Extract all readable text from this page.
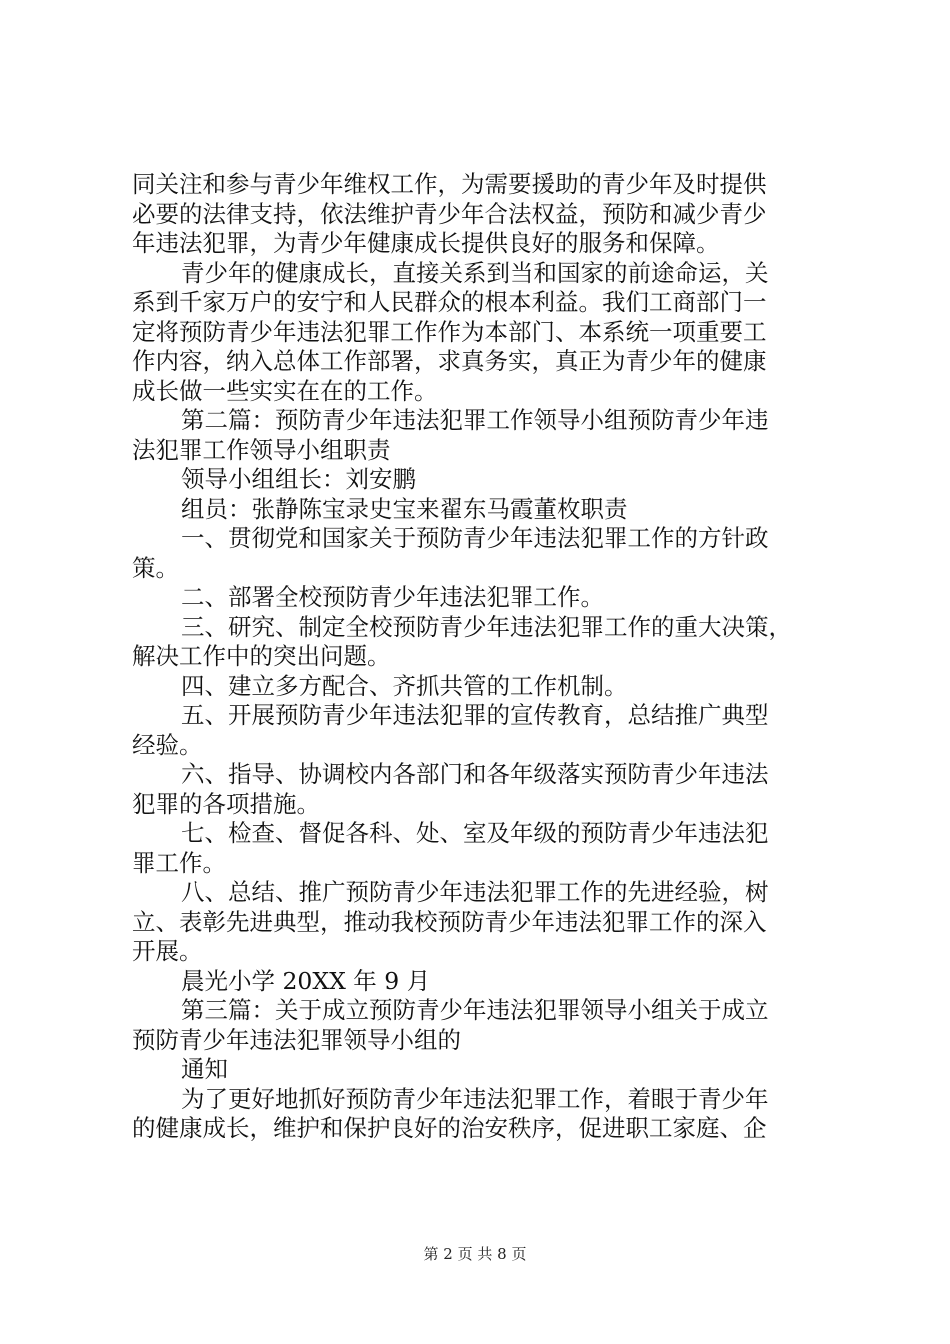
同关注和参与青少年维权工作，为需要援助的青少年及时提供
必要的法律支持，依法维护青少年合法权益，预防和减少青少
年违法犯罪，为青少年健康成长提供良好的服务和保障。
青少年的健康成长，直接关系到当和国家的前途命运，关
系到千家万户的安宁和人民群众的根本利益。我们工商部门一
定将预防青少年违法犯罪工作作为本部门、本系统一项重要工
作内容，纳入总体工作部署，求真务实，真正为青少年的健康
成长做一些实实在在的工作。
第二篇：预防青少年违法犯罪工作领导小组预防青少年违
法犯罪工作领导小组职责
领导小组组长：刘安鹏
组员：张静陈宝录史宝来翟东马霞董枚职责
一、贯彻党和国家关于预防青少年违法犯罪工作的方针政
策。
二、部署全校预防青少年违法犯罪工作。
三、研究、制定全校预防青少年违法犯罪工作的重大决策，
解决工作中的突出问题。
四、建立多方配合、齐抓共管的工作机制。
五、开展预防青少年违法犯罪的宣传教育，总结推广典型
经验。
六、指导、协调校内各部门和各年级落实预防青少年违法
犯罪的各项措施。
七、检查、督促各科、处、室及年级的预防青少年违法犯
罪工作。
八、总结、推广预防青少年违法犯罪工作的先进经验，树
立、表彰先进典型，推动我校预防青少年违法犯罪工作的深入
开展。
晨光小学 20XX 年 9 月
第三篇：关于成立预防青少年违法犯罪领导小组关于成立
预防青少年违法犯罪领导小组的
通知
为了更好地抓好预防青少年违法犯罪工作，着眼于青少年
的健康成长，维护和保护良好的治安秩序，促进职工家庭、企
第 2 页 共 8 页
